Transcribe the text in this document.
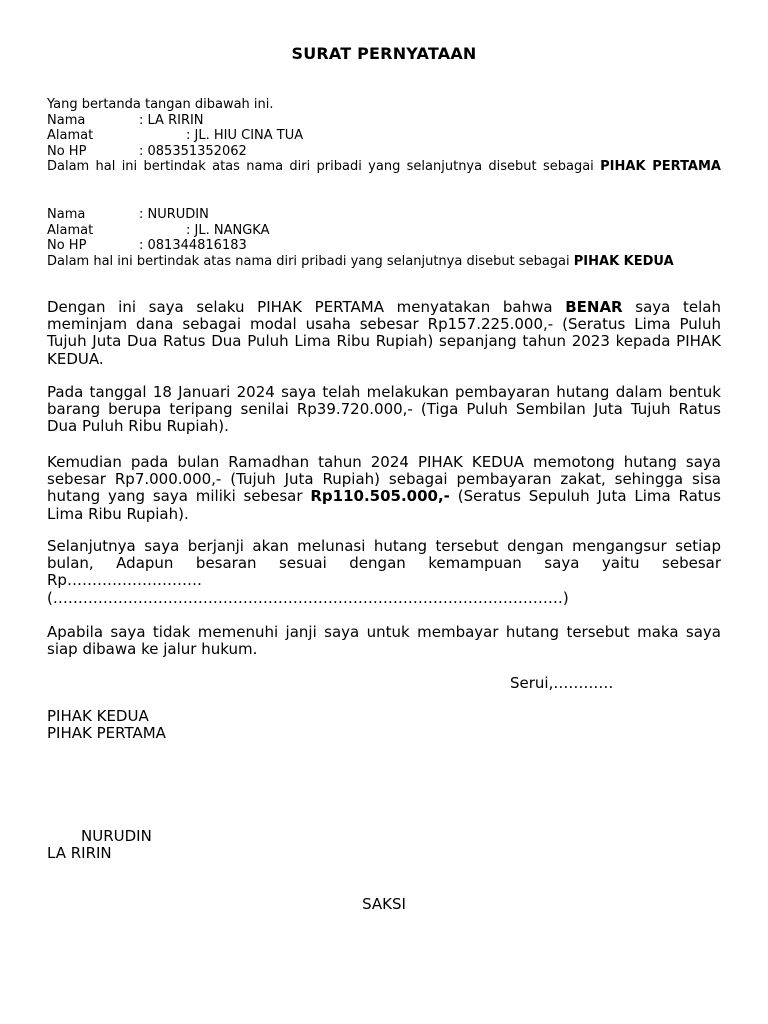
SURAT PERNYATAAN
Yang bertanda tangan dibawah ini.
Nama	: LA RIRIN
Alamat	: JL. HIU CINA TUA
No HP	: 085351352062
Dalam hal ini bertindak atas nama diri pribadi yang selanjutnya disebut sebagai PIHAK PERTAMA
Nama	: NURUDIN
Alamat	: JL. NANGKA
No HP	: 081344816183
Dalam hal ini bertindak atas nama diri pribadi yang selanjutnya disebut sebagai PIHAK KEDUA
Dengan ini saya selaku PIHAK PERTAMA menyatakan bahwa BENAR saya telah meminjam dana sebagai modal usaha sebesar Rp157.225.000,- (Seratus Lima Puluh Tujuh Juta Dua Ratus Dua Puluh Lima Ribu Rupiah) sepanjang tahun 2023 kepada PIHAK KEDUA.
Pada tanggal 18 Januari 2024 saya telah melakukan pembayaran hutang dalam bentuk barang berupa teripang senilai Rp39.720.000,- (Tiga Puluh Sembilan Juta Tujuh Ratus Dua Puluh Ribu Rupiah).
Kemudian pada bulan Ramadhan tahun 2024 PIHAK KEDUA memotong hutang saya sebesar Rp7.000.000,- (Tujuh Juta Rupiah) sebagai pembayaran zakat, sehingga sisa hutang yang saya miliki sebesar Rp110.505.000,- (Seratus Sepuluh Juta Lima Ratus Lima Ribu Rupiah).
Selanjutnya saya berjanji akan melunasi hutang tersebut dengan mengangsur setiap bulan, Adapun besaran sesuai dengan kemampuan saya yaitu sebesar
Rp………………………
(…………………………………………………………………………………………)
Apabila saya tidak memenuhi janji saya untuk membayar hutang tersebut maka saya siap dibawa ke jalur hukum.
Serui,…………
PIHAK KEDUA
PIHAK PERTAMA
NURUDIN
LA RIRIN
SAKSI
